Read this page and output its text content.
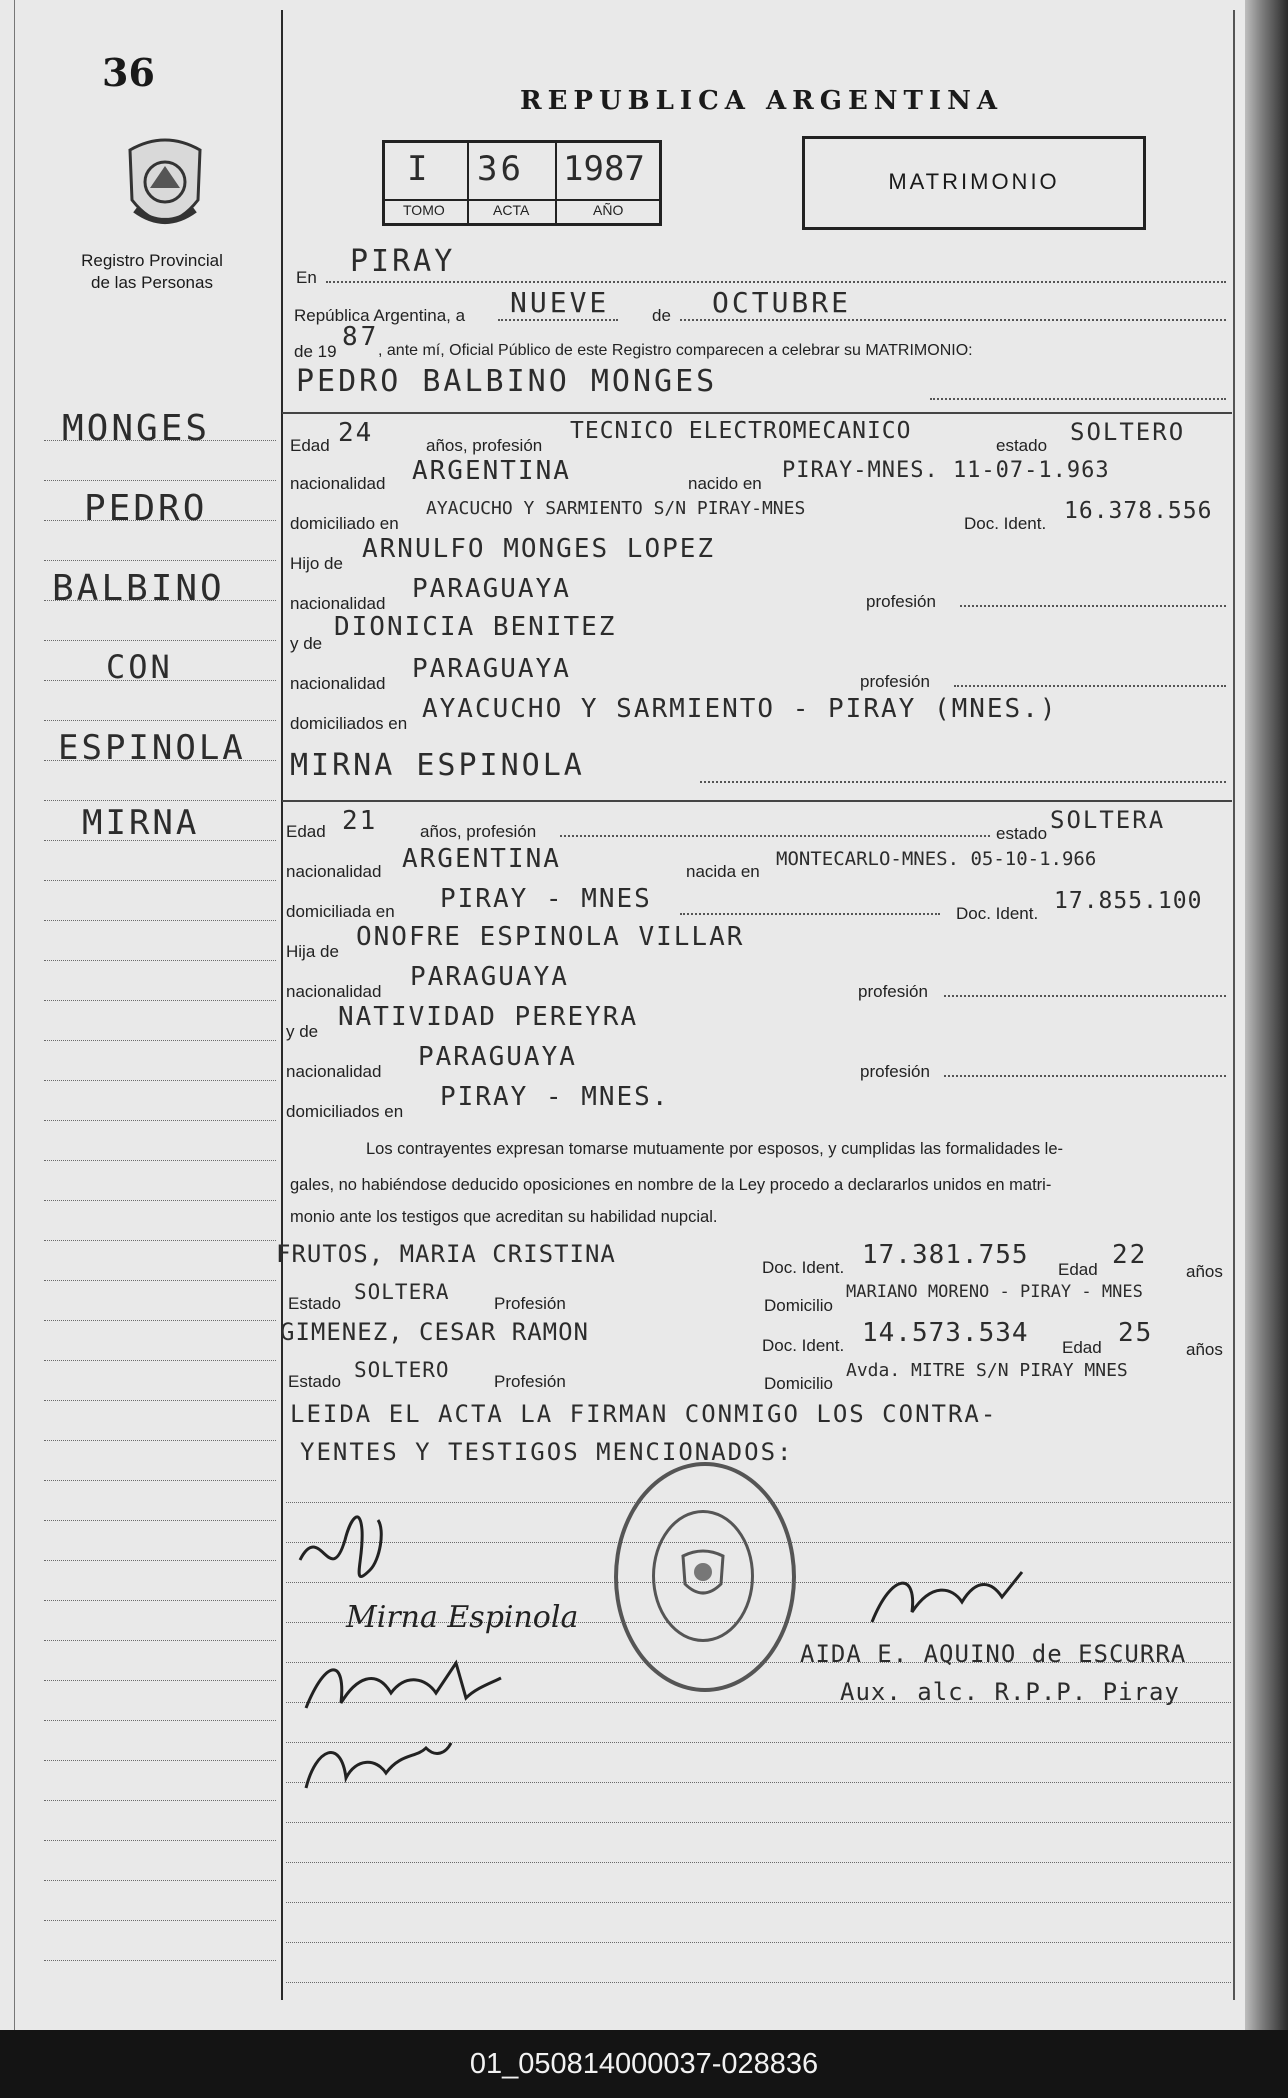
36
Registro Provincial
de las Personas
MONGES
PEDRO
BALBINO
CON
ESPINOLA
MIRNA
REPUBLICA ARGENTINA
I 36 1987
TOMO	ACTA	AÑO
MATRIMONIO
En PIRAY
República Argentina, a NUEVE	de OCTUBRE
de 19 87
, ante mí, Oficial Público de este Registro comparecen a celebrar su MATRIMONIO:
PEDRO BALBINO MONGES
Edad 24	años, profesión
TECNICO ELECTROMECANICO
estado SOLTERO
nacionalidad ARGENTINA	nacido en
PIRAY-MNES. 11-07-1.963
domiciliado en
AYACUCHO Y SARMIENTO S/N PIRAY-MNES
Doc. Ident. 16.378.556
Hijo de ARNULFO MONGES LOPEZ
nacionalidad PARAGUAYA	profesión
y de
DIONICIA BENITEZ
nacionalidad PARAGUAYA	profesión
domiciliados en AYACUCHO Y SARMIENTO - PIRAY (MNES.)
MIRNA ESPINOLA
Edad 21	años, profesión	estado SOLTERA
nacionalidad ARGENTINA	nacida en
MONTECARLO-MNES. 05-10-1.966
domiciliada en PIRAY - MNES	Doc. Ident. 17.855.100
Hija de ONOFRE ESPINOLA VILLAR
nacionalidad PARAGUAYA	profesión
y de NATIVIDAD PEREYRA
nacionalidad PARAGUAYA	profesión
domiciliados en PIRAY - MNES.
Los contrayentes expresan tomarse mutuamente por esposos, y cumplidas las formalidades le-
gales, no habiéndose deducido oposiciones en nombre de la Ley procedo a declararlos unidos en matri-
monio ante los testigos que acreditan su habilidad nupcial.
FRUTOS, MARIA CRISTINA	Doc. Ident. 17.381.755 Edad 22
años
Estado SOLTERA	Profesión	Domicilio
MARIANO MORENO - PIRAY - MNES
GIMENEZ, CESAR RAMON	Doc. Ident. 14.573.534 Edad 25
años
Estado SOLTERO	Profesión	Domicilio
Avda. MITRE S/N PIRAY MNES
LEIDA EL ACTA LA FIRMAN CONMIGO LOS CONTRA-
YENTES Y TESTIGOS MENCIONADOS:
Mirna Espinola
AIDA E. AQUINO de ESCURRA
Aux. alc. R.P.P. Piray
01_050814000037-028836
